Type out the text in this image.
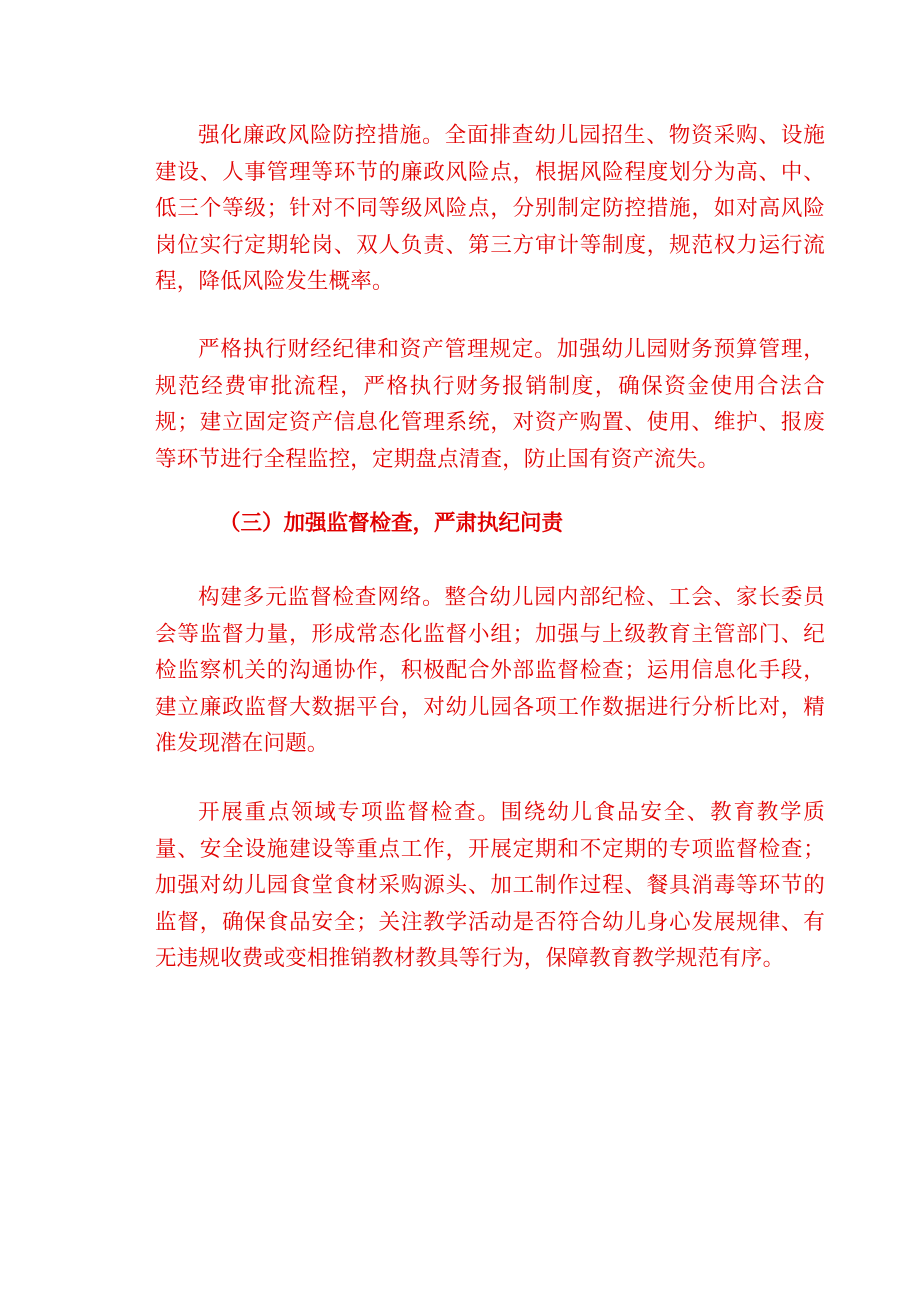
强化廉政风险防控措施。全面排查幼儿园招生、物资采购、设施建设、人事管理等环节的廉政风险点，根据风险程度划分为高、中、低三个等级；针对不同等级风险点，分别制定防控措施，如对高风险岗位实行定期轮岗、双人负责、第三方审计等制度，规范权力运行流程，降低风险发生概率。

严格执行财经纪律和资产管理规定。加强幼儿园财务预算管理，规范经费审批流程，严格执行财务报销制度，确保资金使用合法合规；建立固定资产信息化管理系统，对资产购置、使用、维护、报废等环节进行全程监控，定期盘点清查，防止国有资产流失。

（三）加强监督检查，严肃执纪问责

构建多元监督检查网络。整合幼儿园内部纪检、工会、家长委员会等监督力量，形成常态化监督小组；加强与上级教育主管部门、纪检监察机关的沟通协作，积极配合外部监督检查；运用信息化手段，建立廉政监督大数据平台，对幼儿园各项工作数据进行分析比对，精准发现潜在问题。

开展重点领域专项监督检查。围绕幼儿食品安全、教育教学质量、安全设施建设等重点工作，开展定期和不定期的专项监督检查；加强对幼儿园食堂食材采购源头、加工制作过程、餐具消毒等环节的监督，确保食品安全；关注教学活动是否符合幼儿身心发展规律、有无违规收费或变相推销教材教具等行为，保障教育教学规范有序。
